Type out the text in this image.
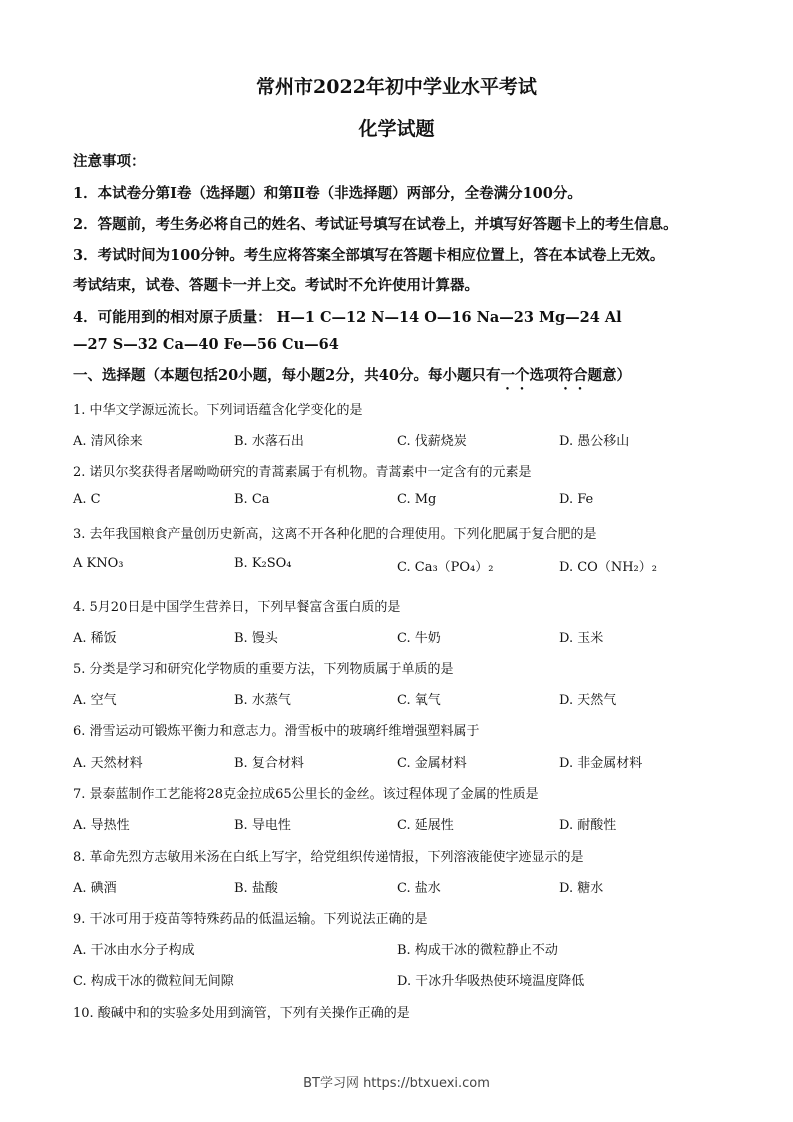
常州市2022年初中学业水平考试
化学试题
注意事项：
1．本试卷分第Ⅰ卷（选择题）和第Ⅱ卷（非选择题）两部分，全卷满分100分。
2．答题前，考生务必将自己的姓名、考试证号填写在试卷上，并填写好答题卡上的考生信息。
3．考试时间为100分钟。考生应将答案全部填写在答题卡相应位置上，答在本试卷上无效。
考试结束，试卷、答题卡一并上交。考试时不允许使用计算器。
4．可能用到的相对原子质量： H—1 C—12 N—14 O—16 Na—23 Mg—24 Al
—27 S—32 Ca—40 Fe—56 Cu—64
一、选择题（本题包括20小题，每小题2分，共40分。每小题只有一个选项符合题意）
1. 中华文学源远流长。下列词语蕴含化学变化的是
A. 清风徐来	B. 水落石出	C. 伐薪烧炭	D. 愚公移山
2. 诺贝尔奖获得者屠呦呦研究的青蒿素属于有机物。青蒿素中一定含有的元素是
A. C	B. Ca	C. Mg	D. Fe
3. 去年我国粮食产量创历史新高，这离不开各种化肥的合理使用。下列化肥属于复合肥的是
A KNO₃	B. K₂SO₄	C. Ca₃（PO₄）₂	D. CO（NH₂）₂
4. 5月20日是中国学生营养日，下列早餐富含蛋白质的是
A. 稀饭	B. 馒头	C. 牛奶	D. 玉米
5. 分类是学习和研究化学物质的重要方法，下列物质属于单质的是
A. 空气	B. 水蒸气	C. 氧气	D. 天然气
6. 滑雪运动可锻炼平衡力和意志力。滑雪板中的玻璃纤维增强塑料属于
A. 天然材料	B. 复合材料	C. 金属材料	D. 非金属材料
7. 景泰蓝制作工艺能将28克金拉成65公里长的金丝。该过程体现了金属的性质是
A. 导热性	B. 导电性	C. 延展性	D. 耐酸性
8. 革命先烈方志敏用米汤在白纸上写字，给党组织传递情报，下列溶液能使字迹显示的是
A. 碘酒	B. 盐酸	C. 盐水	D. 糖水
9. 干冰可用于疫苗等特殊药品的低温运输。下列说法正确的是
A. 干冰由水分子构成	B. 构成干冰的微粒静止不动
C. 构成干冰的微粒间无间隙	D. 干冰升华吸热使环境温度降低
10. 酸碱中和的实验多处用到滴管，下列有关操作正确的是
BT学习网 https://btxuexi.com
